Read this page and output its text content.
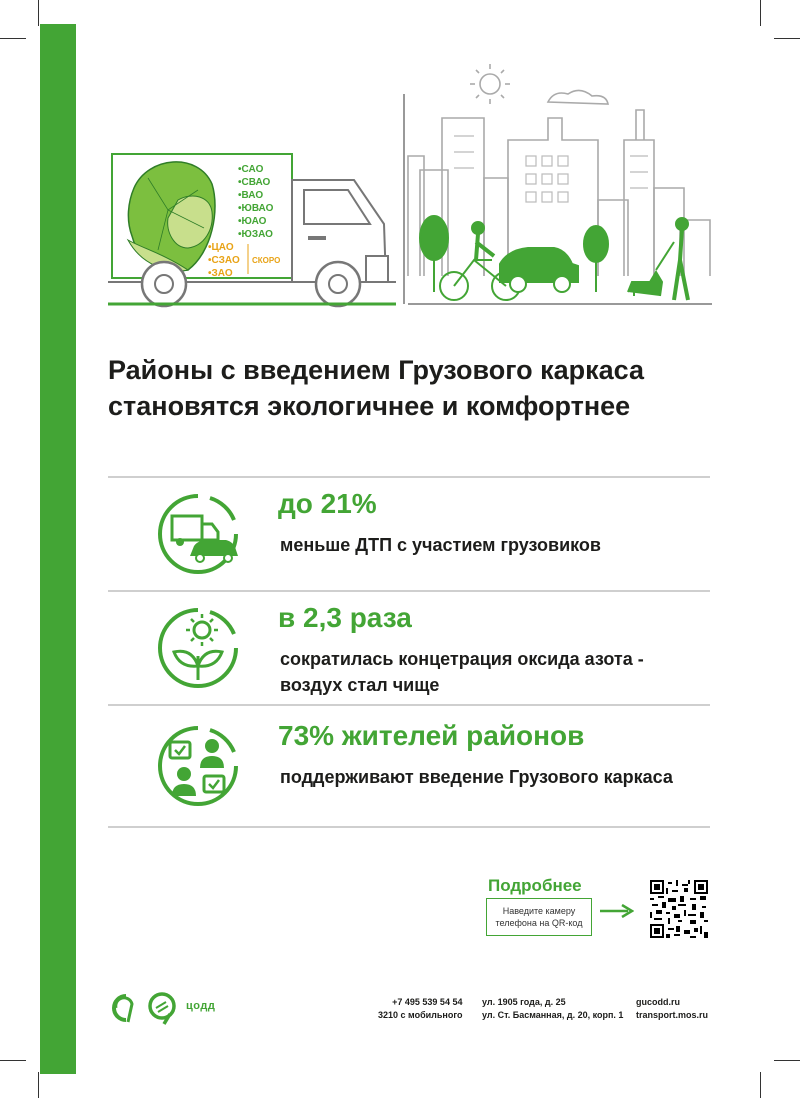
•САО
•СВАО
•ВАО
•ЮВАО
•ЮАО
•ЮЗАО
•ЦАО
•СЗАО
•ЗАО
СКОРО
Районы с введением Грузового каркаса
становятся экологичнее и комфортнее
до 21%
меньше ДТП с участием грузовиков
в 2,3 раза
сократилась концетрация оксида азота - воздух стал чище
73% жителей районов
поддерживают введение Грузового каркаса
Подробнее
Наведите камеру телефона на QR-код
цодд	+7 495 539 54 54
3210 с мобильного
ул. 1905 года, д. 25
ул. Ст. Басманная, д. 20, корп. 1
gucodd.ru
transport.mos.ru
